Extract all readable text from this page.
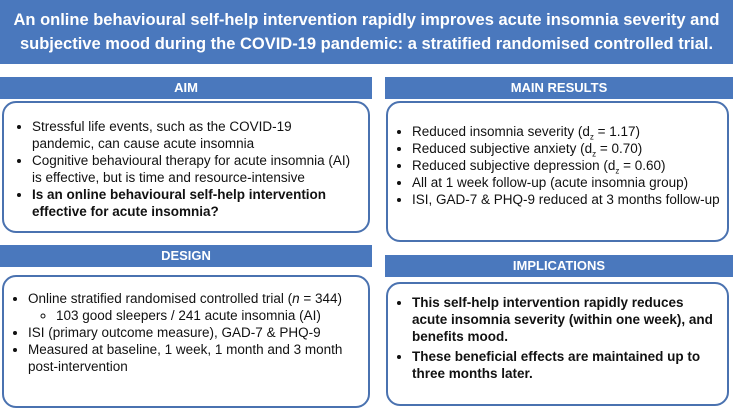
An online behavioural self-help intervention rapidly improves acute insomnia severity and
subjective mood during the COVID-19 pandemic: a stratified randomised controlled trial.
AIM
• Stressful life events, such as the COVID-19 pandemic, can cause acute insomnia
• Cognitive behavioural therapy for acute insomnia (AI) is effective, but is time and resource-intensive
• Is an online behavioural self-help intervention effective for acute insomnia?
DESIGN
• Online stratified randomised controlled trial (n = 344)
◦ 103 good sleepers / 241 acute insomnia (AI)
• ISI (primary outcome measure), GAD-7 & PHQ-9
• Measured at baseline, 1 week, 1 month and 3 month post-intervention
MAIN RESULTS
• Reduced insomnia severity $(d_z = 1.17)$
• Reduced subjective anxiety $(d_z = 0.70)$
• Reduced subjective depression $(d_z = 0.60)$
• All at 1 week follow-up (acute insomnia group)
• ISI, GAD-7 & PHQ-9 reduced at 3 months follow-up
IMPLICATIONS
• This self-help intervention rapidly reduces acute insomnia severity (within one week), and benefits mood.
• These beneficial effects are maintained up to three months later.
